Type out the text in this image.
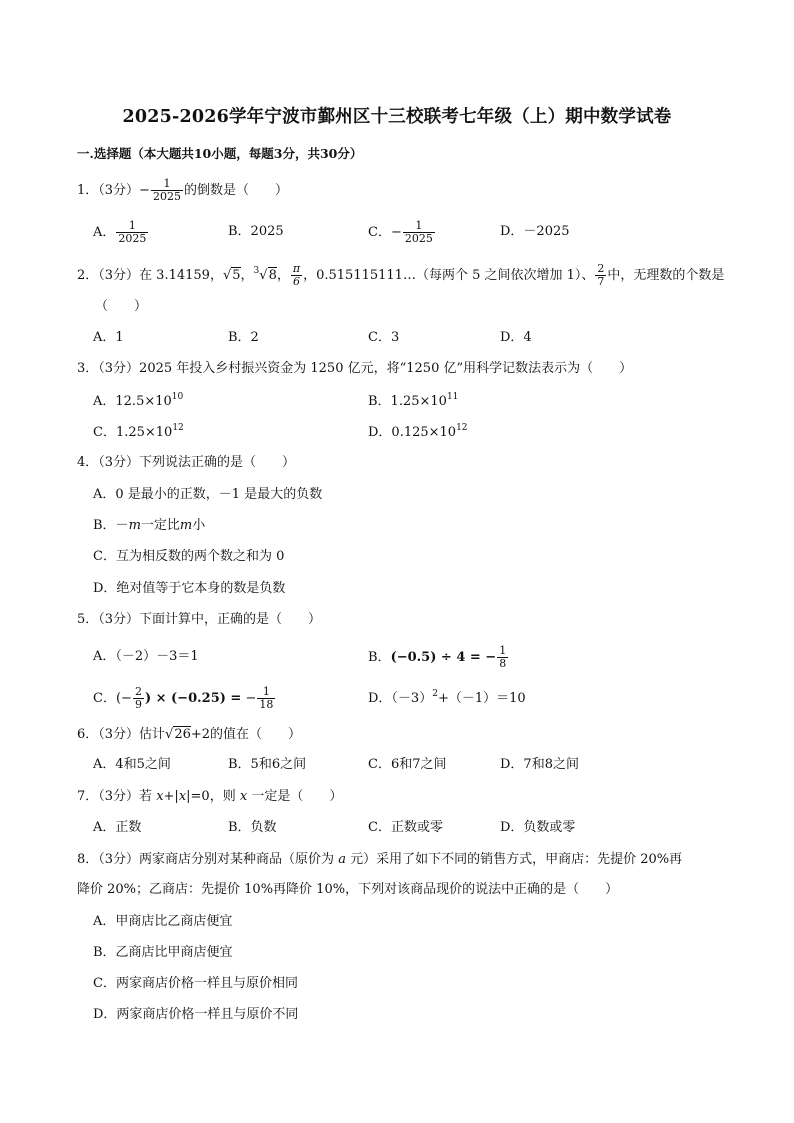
2025-2026学年宁波市鄞州区十三校联考七年级（上）期中数学试卷
一.选择题（本大题共10小题，每题3分，共30分）
1．（3分）− $\frac{1}{2025}$ 的倒数是（　　）
A． $\frac{1}{2025}$	B．2025	C．− $\frac{1}{2025}$	D．－2025
2．（3分）在 3.14159，√5，$^3$√8， $\frac{\pi}{6}$ ，0.515115111…（每两个 5 之间依次增加 1）、 $\frac{2}{7}$ 中，无理数的个数是
（　　）
A．1	B．2	C．3	D．4
3．（3分）2025 年投入乡村振兴资金为 1250 亿元，将“1250 亿”用科学记数法表示为（　　）
A．$12.5\times 10^{10}$	B．$1.25\times 10^{11}$
C．$1.25\times 10^{12}$	D．$0.125\times 10^{12}$
4．（3分）下列说法正确的是（　　）
A．0 是最小的正数，－1 是最大的负数
B．－m一定比m小
C．互为相反数的两个数之和为 0
D．绝对值等于它本身的数是负数
5．（3分）下面计算中，正确的是（　　）
A．（－2）－3＝1	B．(−0.5) ÷ 4 = − $\frac{1}{8}$
C．(− $\frac{2}{9}$ ) × (−0.25) = − $\frac{1}{18}$	D．$(-3)^2+(-1)=10$
6．（3分）估计√26+2的值在（　　）
A．4和5之间	B．5和6之间	C．6和7之间	D．7和8之间
7．（3分）若 x+|x|=0，则 x 一定是（　　）
A．正数	B．负数	C．正数或零	D．负数或零
8．（3分）两家商店分别对某种商品（原价为 a 元）采用了如下不同的销售方式，甲商店：先提价 20%再
降价 20%；乙商店：先提价 10%再降价 10%，下列对该商品现价的说法中正确的是（　　）
A．甲商店比乙商店便宜
B．乙商店比甲商店便宜
C．两家商店价格一样且与原价相同
D．两家商店价格一样且与原价不同
